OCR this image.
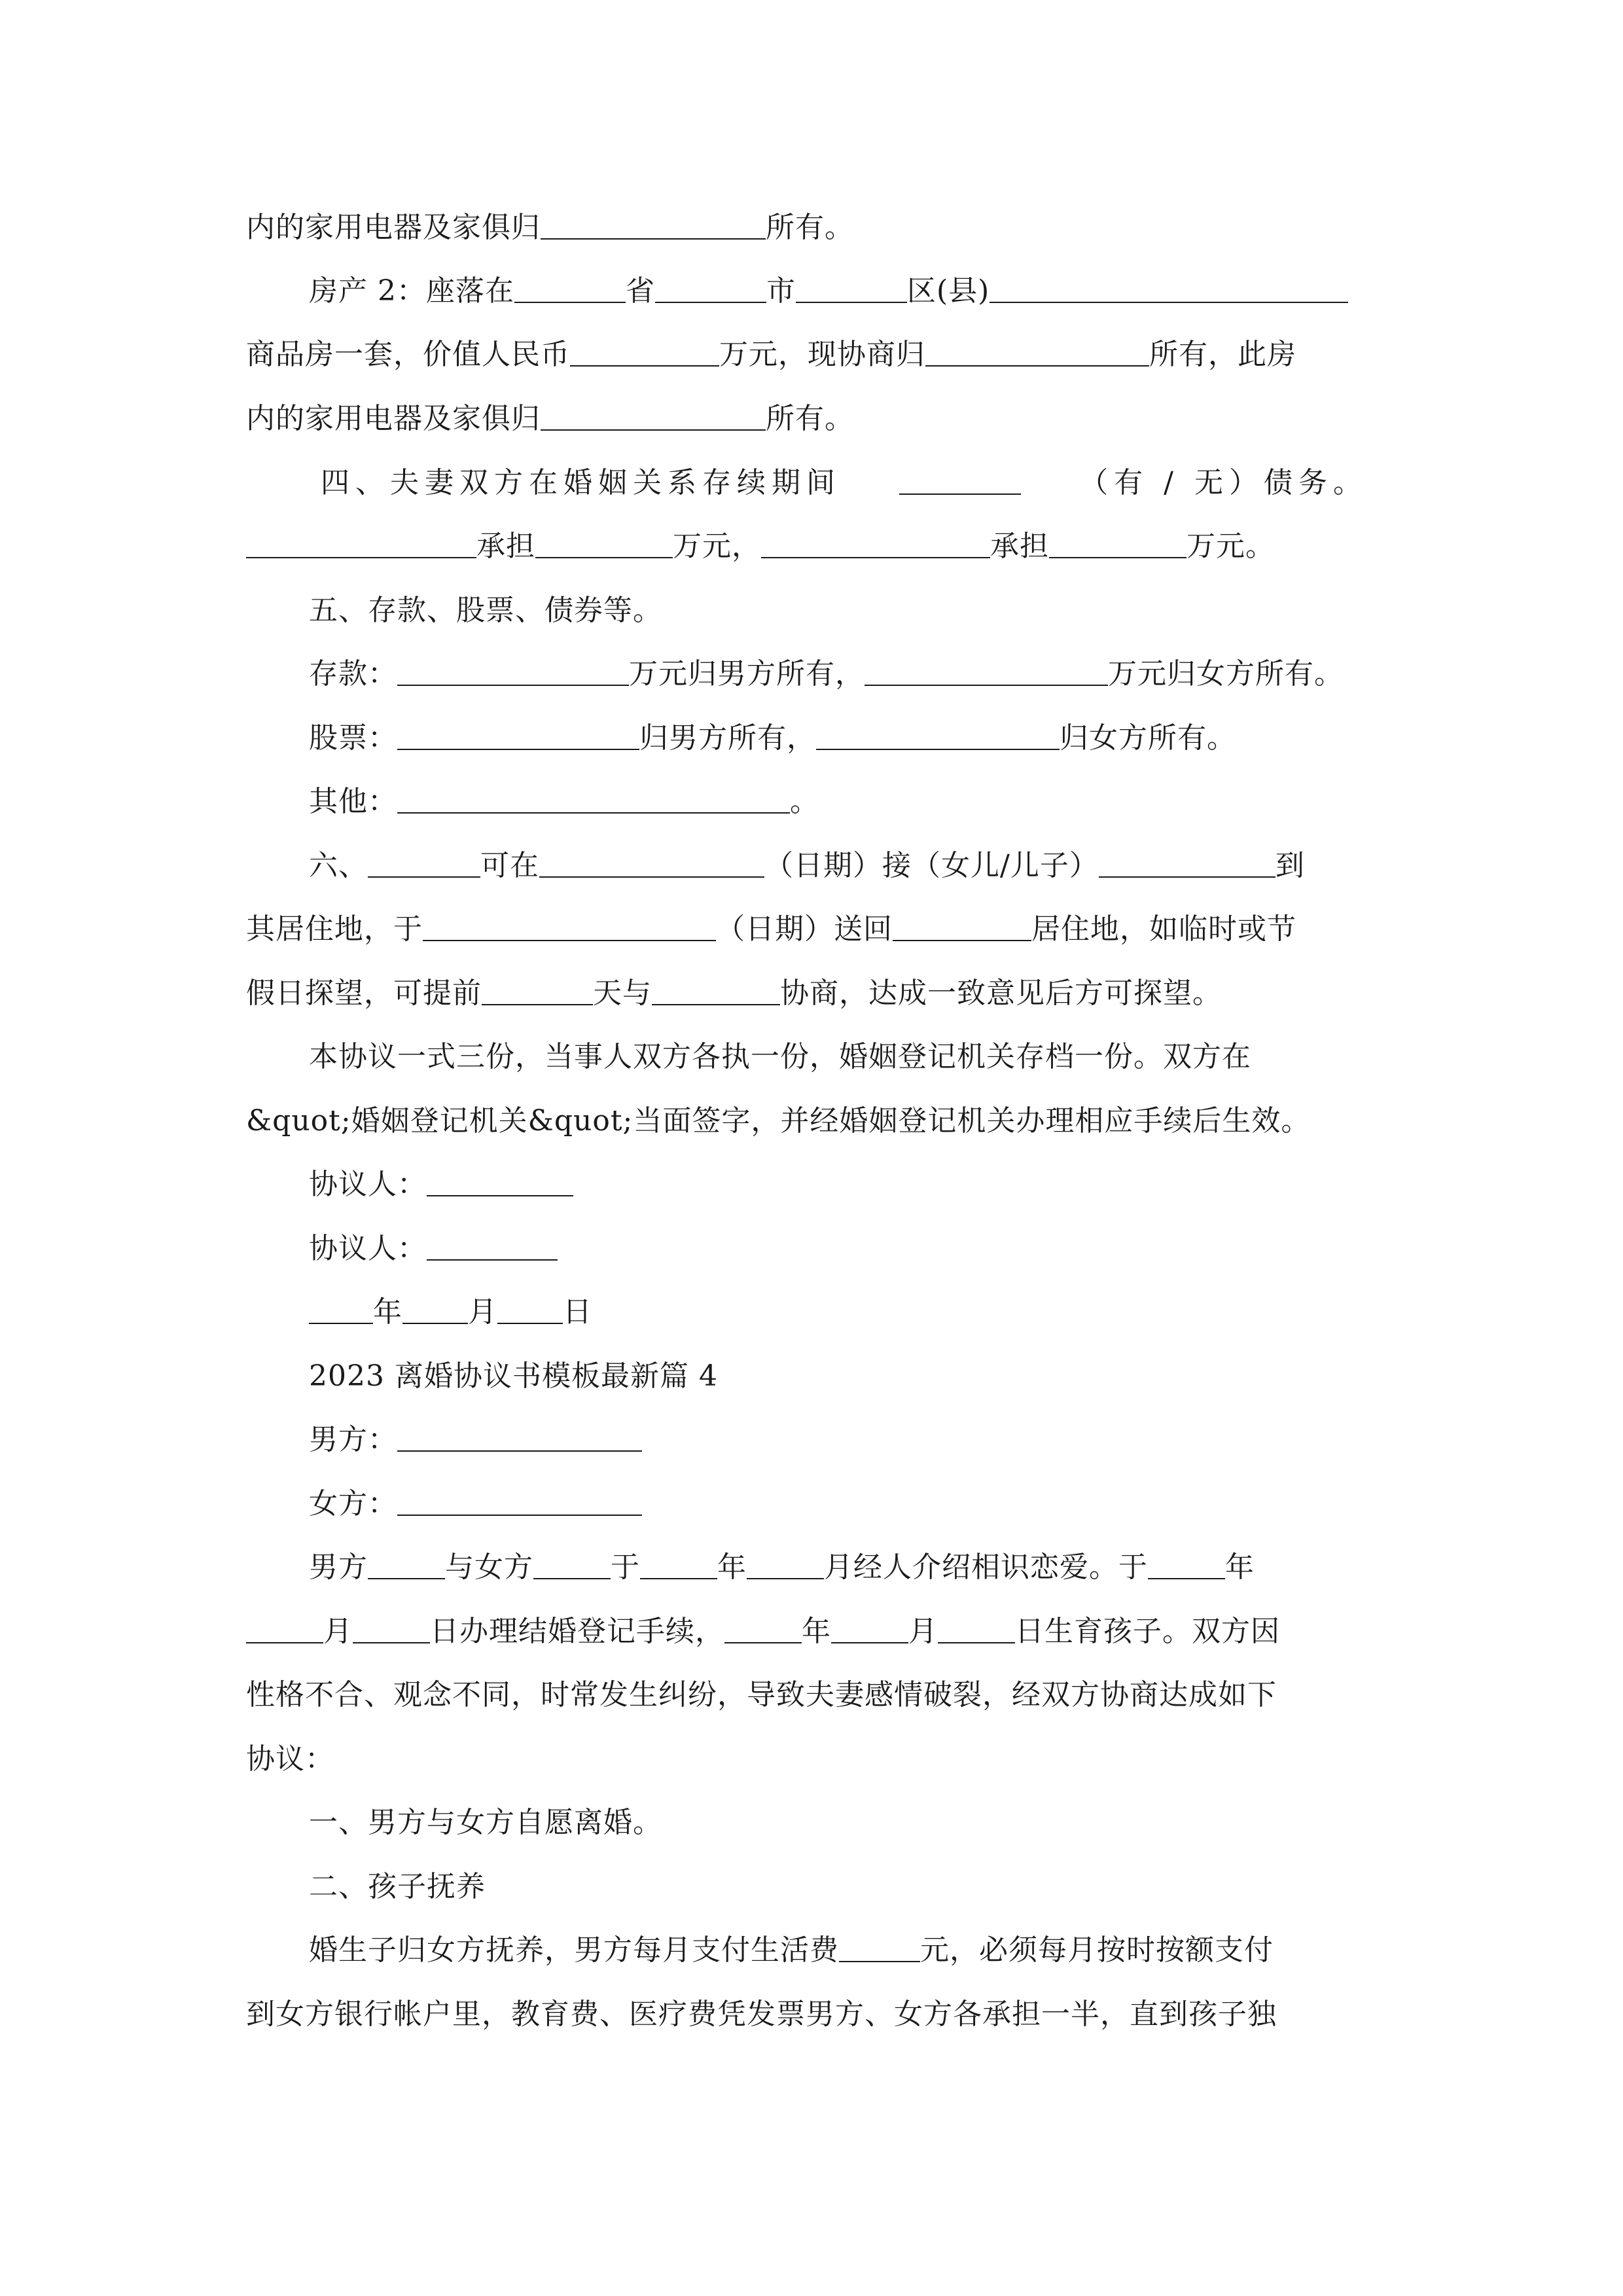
内的家用电器及家俱归	所有。
房产 2：座落在	省	市	区(县)
商品房一套，价值人民币	万元，现协商归	所有，此房
内的家用电器及家俱归	所有。
四、夫妻双方在婚姻关系存续期间	（有 / 无）债务。
承担	万元，	承担	万元。
五、存款、股票、债券等。
存款：	万元归男方所有，	万元归女方所有。
股票：	归男方所有，	归女方所有。
其他：	。
六、	可在	（日期）接（女儿/儿子）	到
其居住地，于	（日期）送回	居住地，如临时或节
假日探望，可提前	天与	协商，达成一致意见后方可探望。
本协议一式三份，当事人双方各执一份，婚姻登记机关存档一份。双方在
&quot;婚姻登记机关&quot;当面签字，并经婚姻登记机关办理相应手续后生效。
协议人：
协议人：
年 月 日
2023 离婚协议书模板最新篇 4
男方：
女方：
男方	与女方	于	年	月经人介绍相识恋爱。于	年
月	日办理结婚登记手续，	年	月	日生育孩子。双方因
性格不合、观念不同，时常发生纠纷，导致夫妻感情破裂，经双方协商达成如下
协议：
一、男方与女方自愿离婚。
二、孩子抚养
婚生子归女方抚养，男方每月支付生活费	元，必须每月按时按额支付
到女方银行帐户里，教育费、医疗费凭发票男方、女方各承担一半，直到孩子独
